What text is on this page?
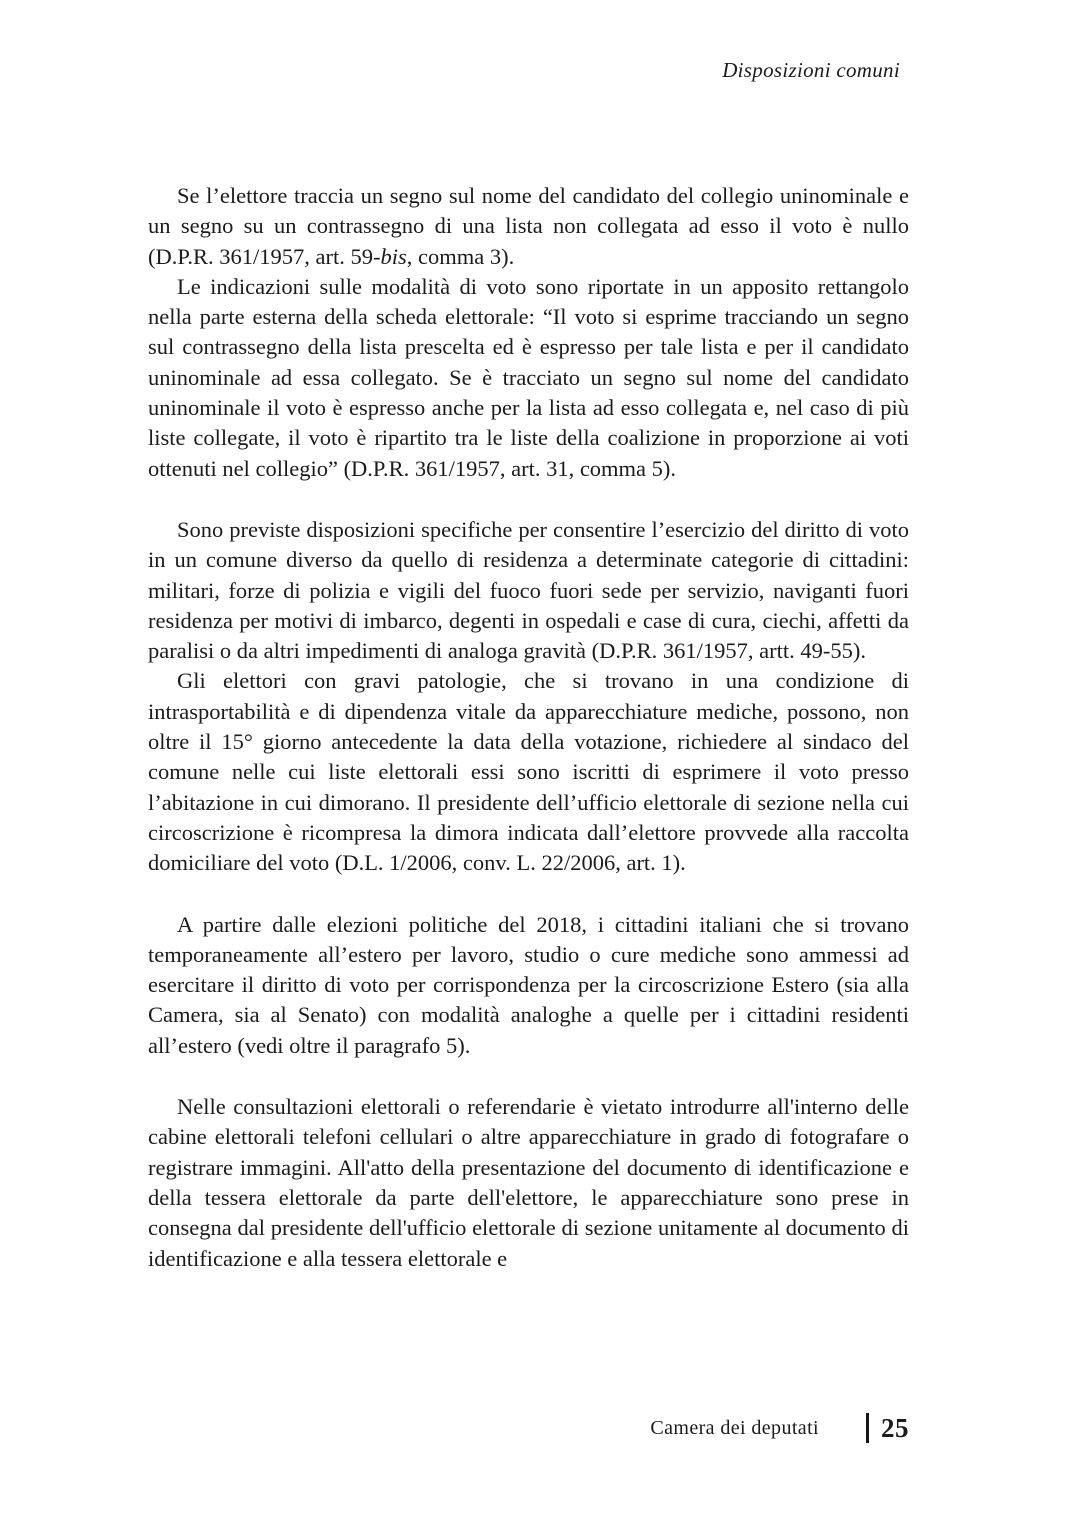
Disposizioni comuni

Se l’elettore traccia un segno sul nome del candidato del collegio uninominale e un segno su un contrassegno di una lista non collegata ad esso il voto è nullo (D.P.R. 361/1957, art. 59-bis, comma 3).

Le indicazioni sulle modalità di voto sono riportate in un apposito rettangolo nella parte esterna della scheda elettorale: “Il voto si esprime tracciando un segno sul contrassegno della lista prescelta ed è espresso per tale lista e per il candidato uninominale ad essa collegato. Se è tracciato un segno sul nome del candidato uninominale il voto è espresso anche per la lista ad esso collegata e, nel caso di più liste collegate, il voto è ripartito tra le liste della coalizione in proporzione ai voti ottenuti nel collegio” (D.P.R. 361/1957, art. 31, comma 5).

Sono previste disposizioni specifiche per consentire l’esercizio del diritto di voto in un comune diverso da quello di residenza a determinate categorie di cittadini: militari, forze di polizia e vigili del fuoco fuori sede per servizio, naviganti fuori residenza per motivi di imbarco, degenti in ospedali e case di cura, ciechi, affetti da paralisi o da altri impedimenti di analoga gravità (D.P.R. 361/1957, artt. 49-55).

Gli elettori con gravi patologie, che si trovano in una condizione di intrasportabilità e di dipendenza vitale da apparecchiature mediche, possono, non oltre il 15° giorno antecedente la data della votazione, richiedere al sindaco del comune nelle cui liste elettorali essi sono iscritti di esprimere il voto presso l’abitazione in cui dimorano. Il presidente dell’ufficio elettorale di sezione nella cui circoscrizione è ricompresa la dimora indicata dall’elettore provvede alla raccolta domiciliare del voto (D.L. 1/2006, conv. L. 22/2006, art. 1).

A partire dalle elezioni politiche del 2018, i cittadini italiani che si trovano temporaneamente all’estero per lavoro, studio o cure mediche sono ammessi ad esercitare il diritto di voto per corrispondenza per la circoscrizione Estero (sia alla Camera, sia al Senato) con modalità analoghe a quelle per i cittadini residenti all’estero (vedi oltre il paragrafo 5).

Nelle consultazioni elettorali o referendarie è vietato introdurre all'interno delle cabine elettorali telefoni cellulari o altre apparecchiature in grado di fotografare o registrare immagini. All'atto della presentazione del documento di identificazione e della tessera elettorale da parte dell'elettore, le apparecchiature sono prese in consegna dal presidente dell'ufficio elettorale di sezione unitamente al documento di identificazione e alla tessera elettorale e

Camera dei deputati 25
